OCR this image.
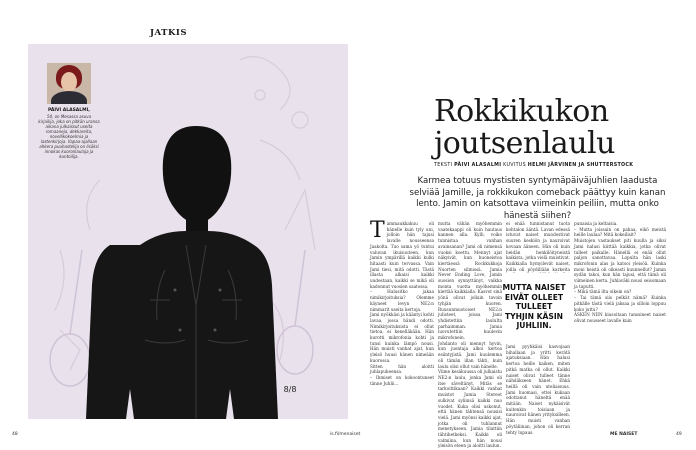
JATKIS
PÄIVI ALASALMI,
54, on Mesassa asuva kirjailija, joka on pitkän uransa aikana julkaissut useita romaaneja, dekkareita, novellikokoelmia ja lastenkirjoja. Vapaa-ajallaan ahkera puuhastelija on lisäksi innokas kuoronlaulaja ja kuntoilija.
8/8
48
Rokkikukon
joutsenlaulu
TEKSTI PÄIVI ALASALMI KUVITUS HELMI JÄRVINEN JA SHUTTERSTOCK
Karmea totuus mystisten syntymäpäiväjuhlien laadusta selviää Jamille, ja rokkikukon comeback päättyy kuin kanan lento. Jamin on katsottava viimeinkin peiliin, mutta onko hänestä siihen?

Tammaukkakuu oli hänelle kuin tyly uni, jolloin hän tajusi lavalle nousseensa Jaakolta. Tuo sama yö tuntui valuvan ikuisuuteen, kun Jamin ympärillä kaikki kulki hitaasti kuin tervassa. Vain Jami tiesi, mitä odotti. Tästä illasta alkaisi kaikki uudestaan, kaikki se mikä oli kadonnut vuosien saatossa.

– Halusitko jakaa nimikirjoituksia? Olemme käyneet levyn NE2:n nimmarit useita kertoja.

Jami nyökkäsi ja kääntyi kohti lavaa, jossa bändi odotti. Nimikirjoituksista ei ollut tietoa, ei kenelläkään. Hän kurotti mikrofonia kohti ja tunsi kuinka lämpö nousi. Hän muisti vanhat ajat, kun yleisö huusi hänen nimeään kuorossa.

Sitten hän aloitti juhlapuheensa.

– Ihmiset on kokoontuneet tänne Juhlii...

mutta vähän myöhemmin vaatekaappi oli kuin hautaus kannen alla. Kylli, voiko tunnistaa vanhan avainsanan? Jami oli nimensä vuoksi koettu. Mennyt ajat näkyivät, kun huoneistoa kiertäessä Rockkukkoja Nuorten silmissä. Jamia Never Ending Love, Jamin suosion synnyttänyt, vaikka monta vuotta myöhemmin kiertää kaikkialla. Kasvot sinä yönä olivat jollain tavoin tyhjän kuoren. Ruusunmuotoiset NE2:n julisteet, joissa Jami yhdistettiin laululta parhaimman. Jamia luovutettiin kuulevin mikrofonein.

Johdanto oli mennyt hyvin, kun juontaja alkoi kertoa esiintyjistä. Jami kuulemma oli tämän illan tähti, kuin laulu olisi ollut vain hänelle.

Viime kesäkuussa oli julkaistu NE2:n laulu, jonka Jami oli itse säveltänyt. Mitäs se tarkoittikaan? Kaikki vanhat muistot Jamia Stereot sulkivat syliinsä kaikki nuo vuodet. Kuka olisi uskonut, että hänen tähtensä nousisi vielä. Jami myönsi kaikki ajat, jotka oli tuhlannut menetykseen. Jamia tilattiin tähtihetkeksi. Kaikki oli valmiina, kun hän nousi yleisön eteen ja aloitti laulun.

ei enää tunnistanut tuota kohtalon ääntä. Lavan edessä istuvat naiset muodostivat suuren keskiön ja nauroivat kovaan ääneen. Hän oli kuin heidän henkilöityneistä kaikista, jotka vielä muistivat. Kaikkialla hymyilevät naiset, joilla oli pöydillään karkeita

MUTTA NAISET EIVÄT OLLEET TULLEET TYHJIN KÄSIN JUHLIIN.

Jami pyyhkäisi kasvojaan hihallaan ja yritti kerätä ajatuksiaan. Hän halusi kertoa heille kaiken, miten pitkä matka oli ollut. Kaikki naiset olivat tulleet tänne nähdäkseen hänet. Ehkä heillä oli vain uteliaisuus. Jami huomasi, ettei kukaan odottanut häneltä enää mitään. Naiset nykäisivät kuitenkin toisiaan ja nauroivat hänen yrityksilleen. Hän muisti vanhan pöytäliinan, johon oli kerran tehty lupaus.

punaisia ja keltaisia.

– Mutta joissain on pahaa, eikö meistä heille laulaa? Mitä kokeilisit?

Muistojen vastaukset piti kuulla ja siksi Jami halusi kiittää kaikkia, jotka olivat tulleet paikalle. Hänellä ei enää ollut paljon sanottavaa. Lopulta hän laski mikrofonin alas ja katsoi yleisöä. Kuinka moni heistä oli oikeasti kuunnellut? Jamin sydän takoi, kun hän tajusi, että tämä oli viimeinen kerta. Juhlaväki nousi seisomaan ja taputti.

– Mikä tämä ilta oikein on?

– Tai tämä siis pelkät nämä? Kuinka pitkälle tästä vielä jaksaa ja silloin loppuu koko juttu?

ÄSKEN NIIN kiusoitaan tanssineet naiset olivat nousseet lavalle kuin

is.fi/menaiset	ME NAISET	49
